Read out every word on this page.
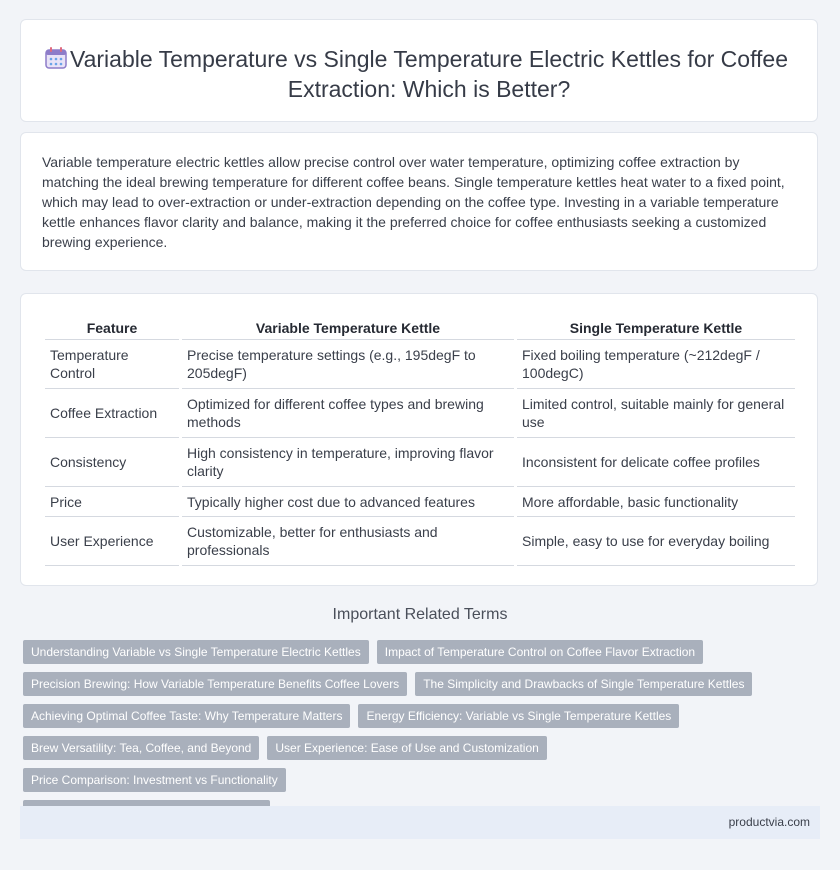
Variable Temperature vs Single Temperature Electric Kettles for Coffee Extraction: Which is Better?

Variable temperature electric kettles allow precise control over water temperature, optimizing coffee extraction by matching the ideal brewing temperature for different coffee beans. Single temperature kettles heat water to a fixed point, which may lead to over-extraction or under-extraction depending on the coffee type. Investing in a variable temperature kettle enhances flavor clarity and balance, making it the preferred choice for coffee enthusiasts seeking a customized brewing experience.

Feature	Variable Temperature Kettle	Single Temperature Kettle
Temperature Control	Precise temperature settings (e.g., 195degF to 205degF)	Fixed boiling temperature (~212degF / 100degC)
Coffee Extraction	Optimized for different coffee types and brewing methods	Limited control, suitable mainly for general use
Consistency	High consistency in temperature, improving flavor clarity	Inconsistent for delicate coffee profiles
Price	Typically higher cost due to advanced features	More affordable, basic functionality
User Experience	Customizable, better for enthusiasts and professionals	Simple, easy to use for everyday boiling
Important Related Terms
Understanding Variable vs Single Temperature Electric Kettles	Impact of Temperature Control on Coffee Flavor Extraction
Precision Brewing: How Variable Temperature Benefits Coffee Lovers	The Simplicity and Drawbacks of Single Temperature Kettles
Achieving Optimal Coffee Taste: Why Temperature Matters	Energy Efficiency: Variable vs Single Temperature Kettles
Brew Versatility: Tea, Coffee, and Beyond	User Experience: Ease of Use and Customization
Price Comparison: Investment vs Functionality
productvia.com
